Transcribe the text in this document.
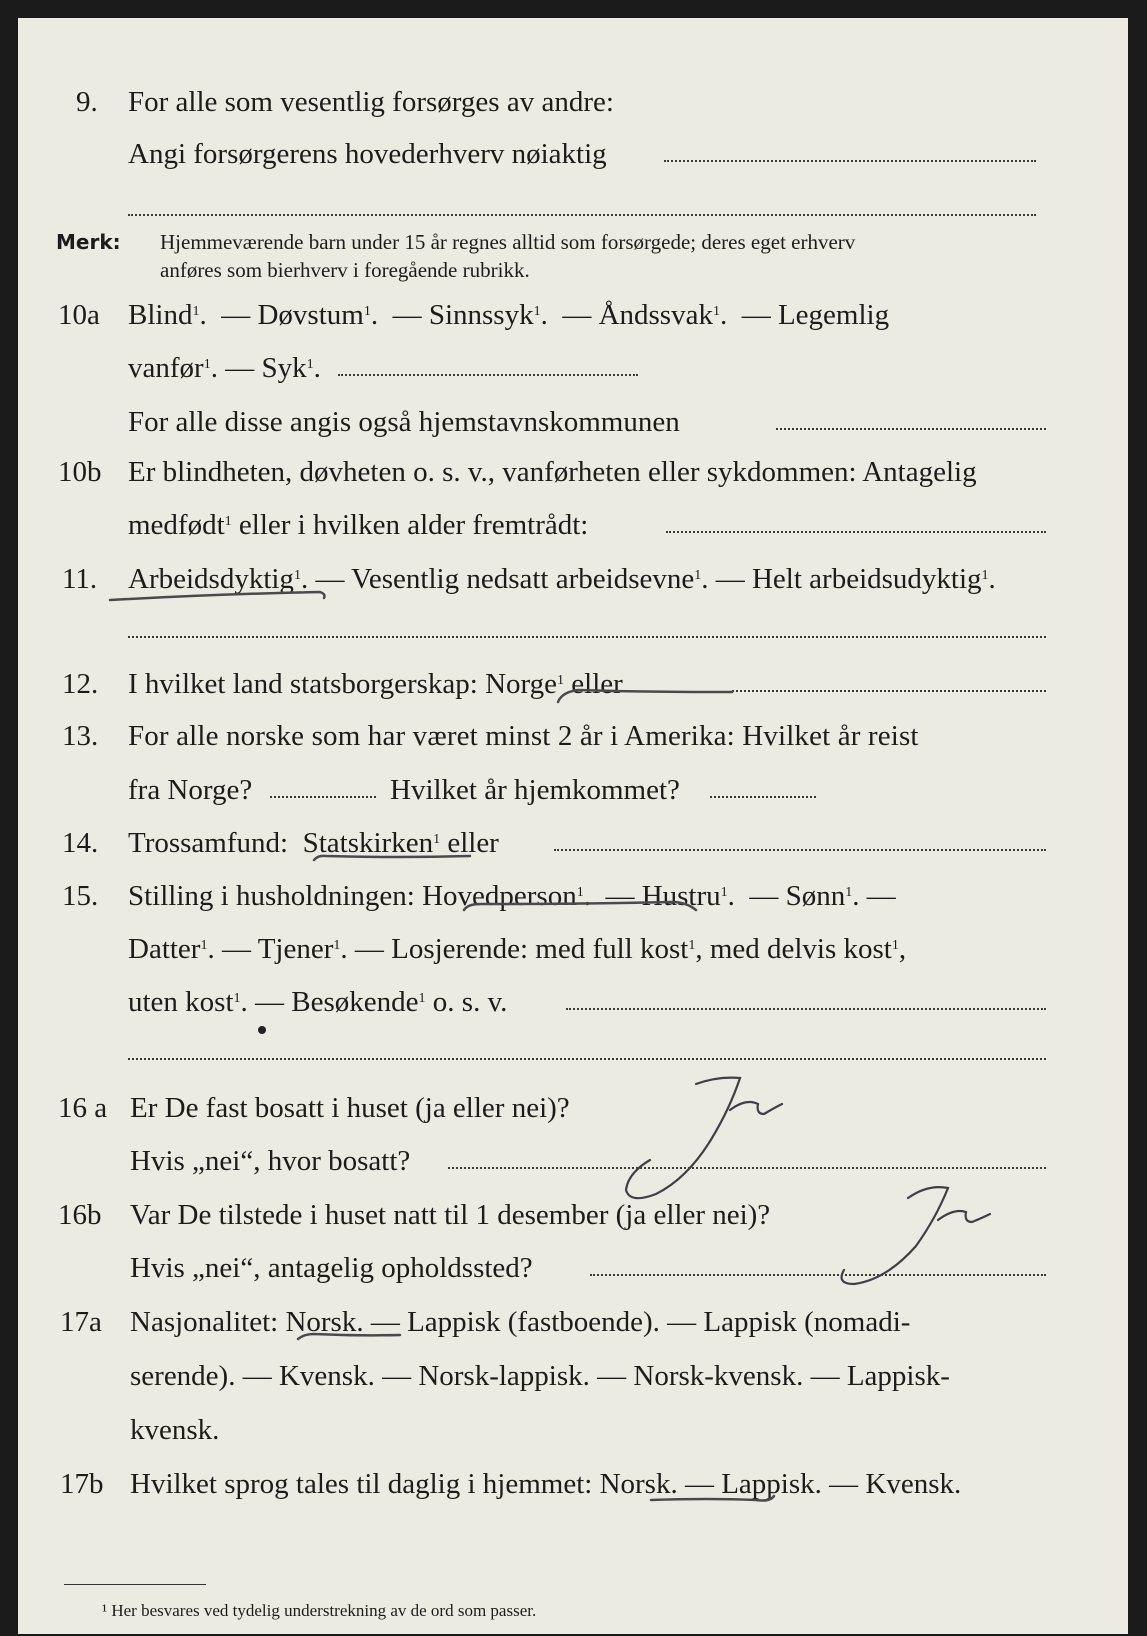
9. For alle som vesentlig forsørges av andre:
Angi forsørgerens hovederhverv nøiaktig
Merk: Hjemmeværende barn under 15 år regnes alltid som forsørgede; deres eget erhverv
anføres som bierhverv i foregående rubrikk.
10a Blind$^1$.  — Døvstum$^1$.  — Sinnssyk$^1$.  — Åndssvak$^1$.  — Legemlig
vanfør$^1$. — Syk$^1$.
For alle disse angis også hjemstavnskommunen
10b Er blindheten, døvheten o. s. v., vanførheten eller sykdommen: Antagelig
medfødt$^1$ eller i hvilken alder fremtrådt:
11. Arbeidsdyktig$^1$. — Vesentlig nedsatt arbeidsevne$^1$. — Helt arbeidsudyktig$^1$.
12. I hvilket land statsborgerskap: Norge$^1$ eller
13. For alle norske som har været minst 2 år i Amerika: Hvilket år reist
fra Norge?	Hvilket år hjemkommet?
14. Trossamfund: Statskirken$^1$ eller
15. Stilling i husholdningen: Hovedperson$^1$.  — Hustru$^1$.  — Sønn$^1$. —
Datter$^1$. — Tjener$^1$. — Losjerende: med full kost$^1$, med delvis kost$^1$,
uten kost$^1$. — Besøkende$^1$ o. s. v.
16 a Er De fast bosatt i huset (ja eller nei)?
Hvis „nei“, hvor bosatt?
16b Var De tilstede i huset natt til 1 desember (ja eller nei)?
Hvis „nei“, antagelig opholdssted?
17a Nasjonalitet: Norsk. — Lappisk (fastboende). — Lappisk (nomadi-
serende). — Kvensk. — Norsk-lappisk. — Norsk-kvensk. — Lappisk-
kvensk.
17b Hvilket sprog tales til daglig i hjemmet: Norsk. — Lappisk. — Kvensk.
¹ Her besvares ved tydelig understrekning av de ord som passer.
